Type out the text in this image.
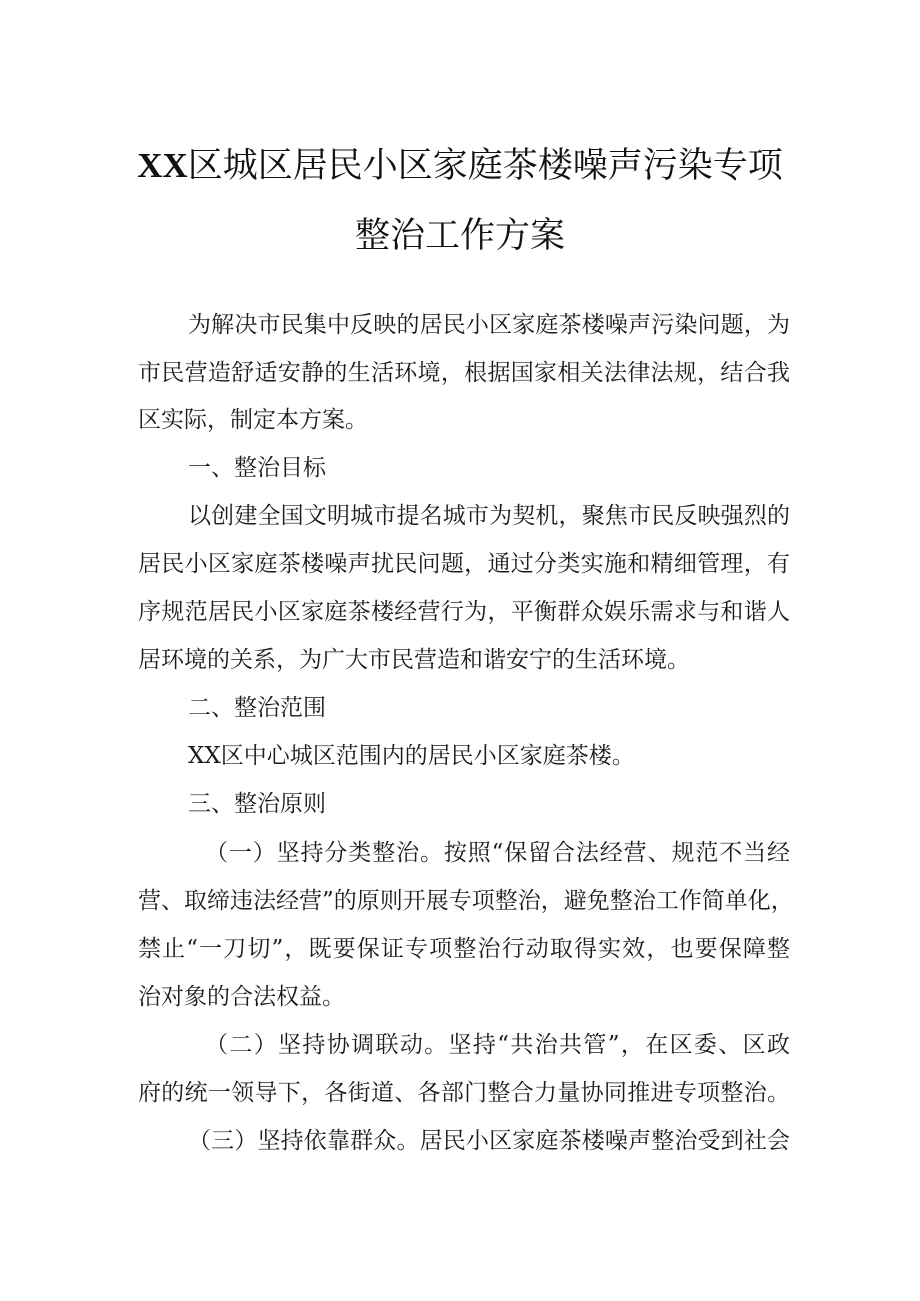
XX区城区居民小区家庭茶楼噪声污染专项
整治工作方案
为解决市民集中反映的居民小区家庭茶楼噪声污染问题，为
市民营造舒适安静的生活环境，根据国家相关法律法规，结合我
区实际，制定本方案。
一、整治目标
以创建全国文明城市提名城市为契机，聚焦市民反映强烈的
居民小区家庭茶楼噪声扰民问题，通过分类实施和精细管理，有
序规范居民小区家庭茶楼经营行为，平衡群众娱乐需求与和谐人
居环境的关系，为广大市民营造和谐安宁的生活环境。
二、整治范围
XX区中心城区范围内的居民小区家庭茶楼。
三、整治原则
（一）坚持分类整治。按照“保留合法经营、规范不当经
营、取缔违法经营”的原则开展专项整治，避免整治工作简单化，
禁止“一刀切”，既要保证专项整治行动取得实效，也要保障整
治对象的合法权益。
（二）坚持协调联动。坚持“共治共管”，在区委、区政
府的统一领导下，各街道、各部门整合力量协同推进专项整治。
（三）坚持依靠群众。居民小区家庭茶楼噪声整治受到社会
